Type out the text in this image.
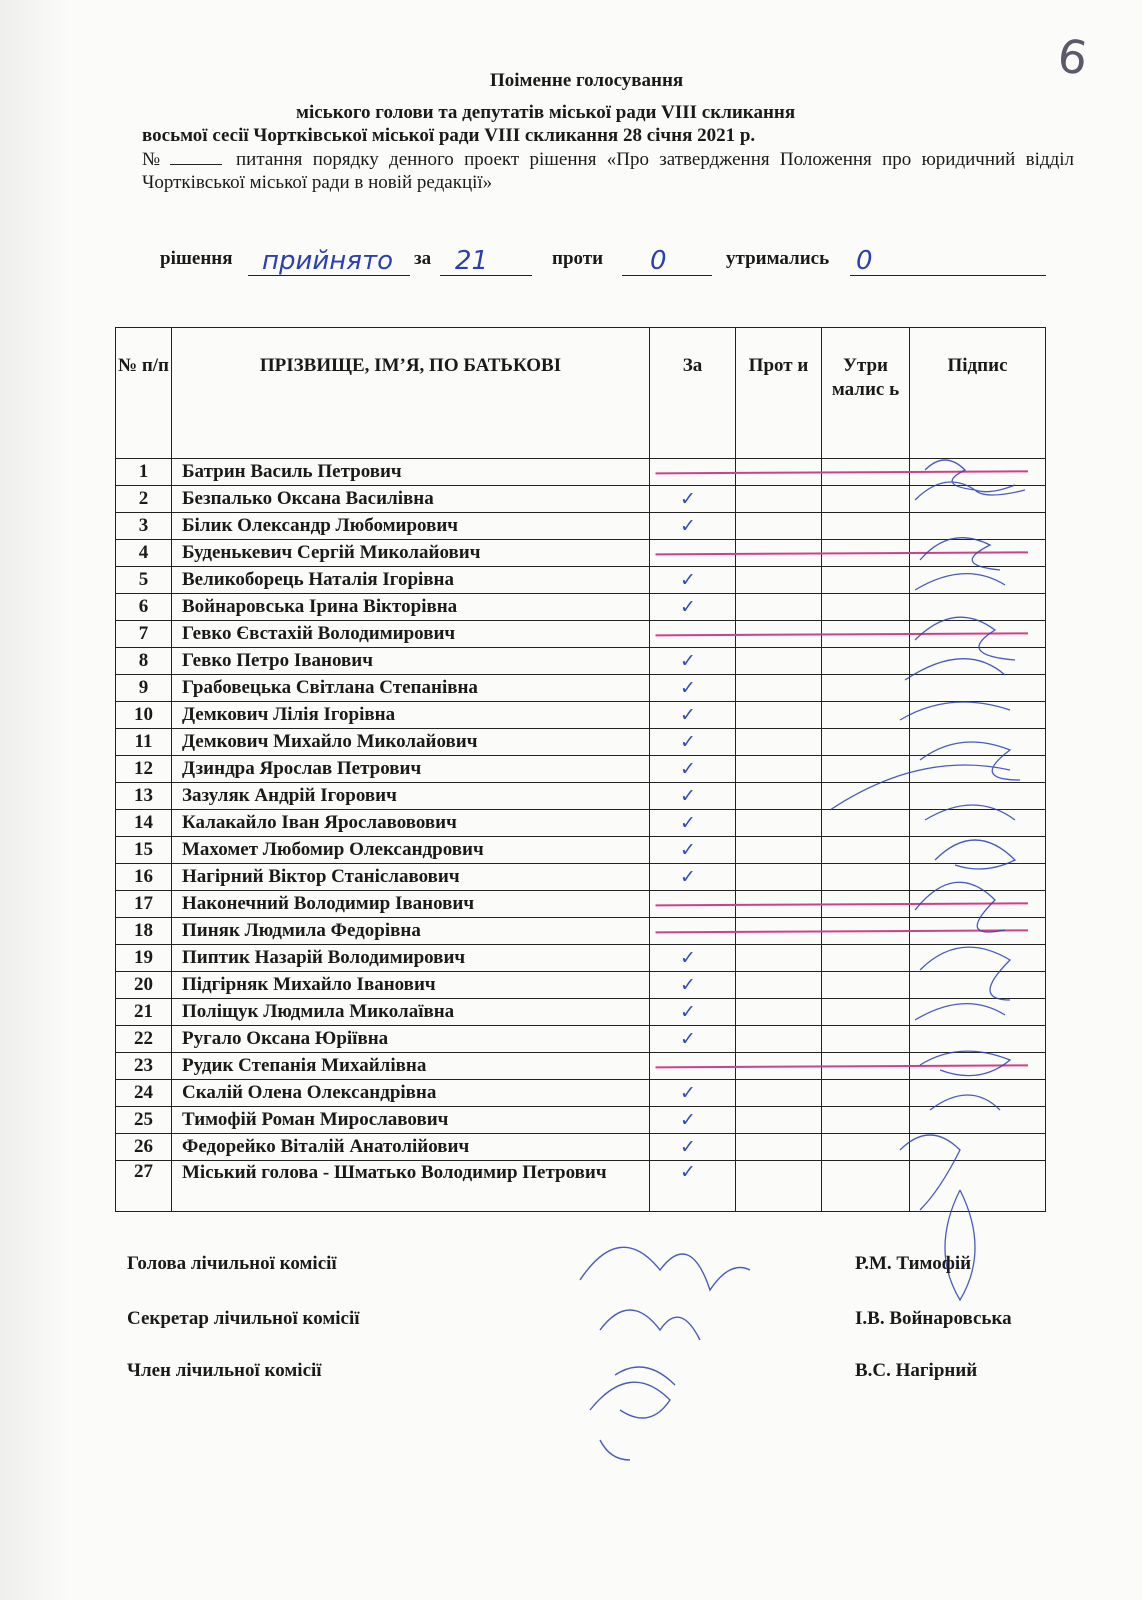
6
Поіменне голосування
міського голови та депутатів міської ради VIII скликання
восьмої сесії Чортківської міської ради VIII скликання 28 січня 2021 р.
№	питання порядку денного проект рішення «Про затвердження Положення про юридичний відділ Чортківської міської ради в новій редакції»
рішення прийнято за 21	проти 0	утримались 0
№ п/п	ПРІЗВИЩЕ, ІМ’Я, ПО БАТЬКОВІ	За	Прот и	Утри малис ь	Підпис
1	Батрин Василь Петрович				
2	Безпалько Оксана Василівна	✓			
3	Білик Олександр Любомирович	✓			
4	Буденькевич Сергій Миколайович				
5	Великоборець Наталія Ігорівна	✓			
6	Войнаровська Ірина Вікторівна	✓			
7	Гевко Євстахій Володимирович				
8	Гевко Петро Іванович	✓			
9	Грабовецька Світлана Степанівна	✓			
10	Демкович Лілія Ігорівна	✓			
11	Демкович Михайло Миколайович	✓			
12	Дзиндра Ярослав Петрович	✓			
13	Зазуляк Андрій Ігорович	✓			
14	Калакайло Іван Ярославовович	✓			
15	Махомет Любомир Олександрович	✓			
16	Нагірний Віктор Станіславович	✓			
17	Наконечний Володимир Іванович				
18	Пиняк Людмила Федорівна				
19	Пиптик Назарій Володимирович	✓			
20	Підгірняк Михайло Іванович	✓			
21	Поліщук Людмила Миколаївна	✓			
22	Ругало Оксана Юріївна	✓			
23	Рудик Степанія Михайлівна				
24	Скалій Олена Олександрівна	✓			
25	Тимофій Роман Мирославович	✓			
26	Федорейко Віталій Анатолійович	✓			
27	Міський голова - Шматько Володимир Петрович	✓			
Голова лічильної комісії	Р.М. Тимофій
Секретар лічильної комісії	І.В. Войнаровська
Член лічильної комісії	В.С. Нагірний
